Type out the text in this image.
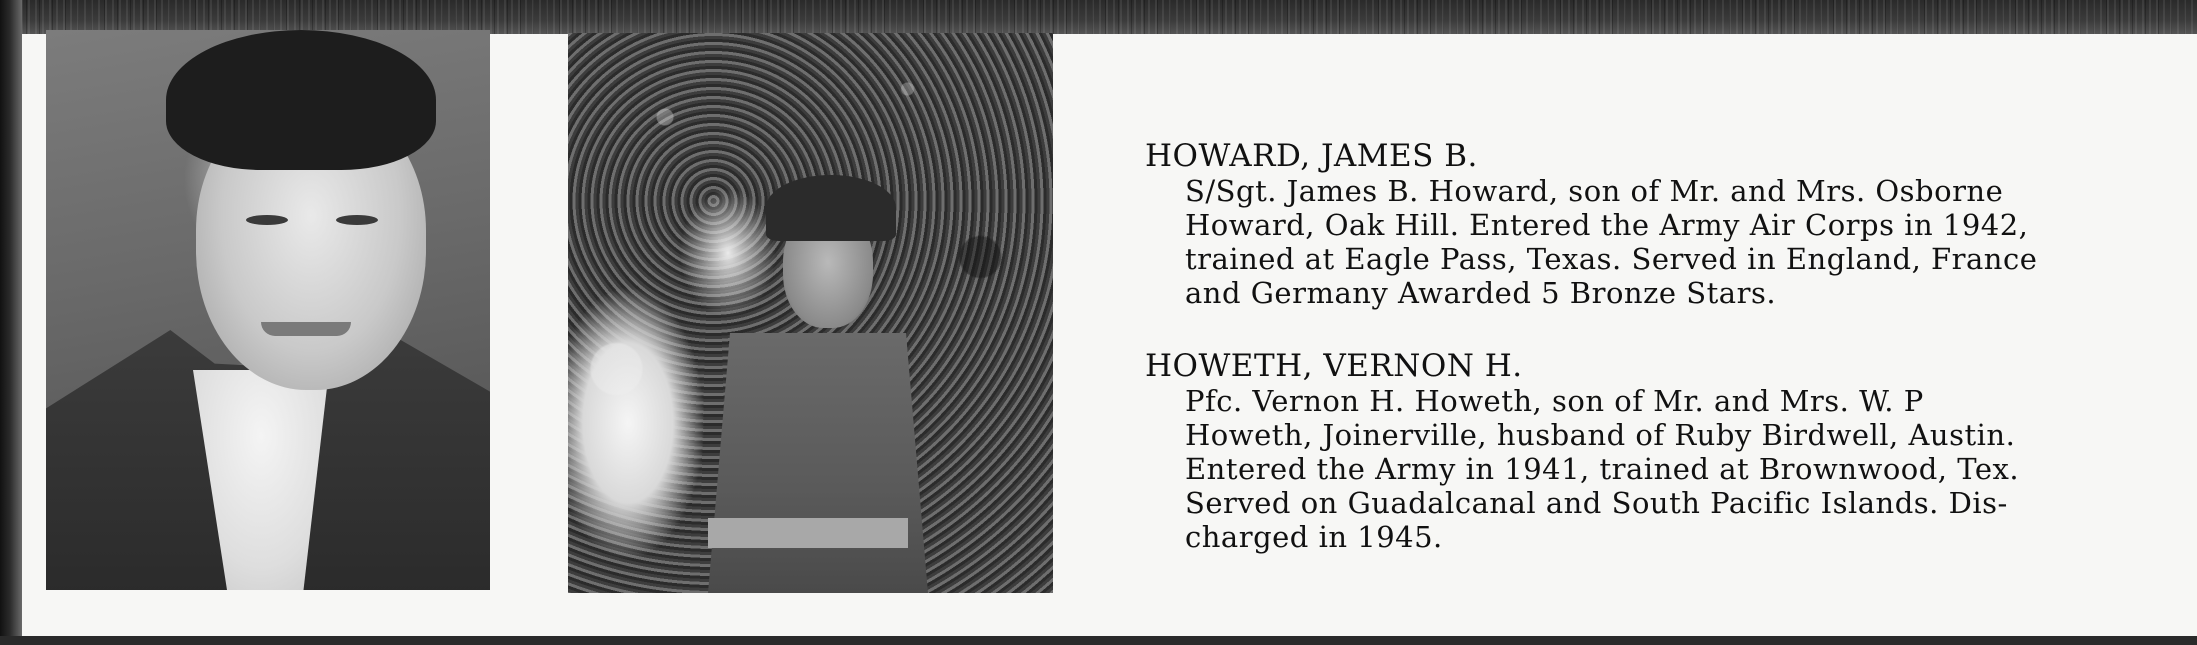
HOWARD, JAMES B.

S/Sgt. James B. Howard, son of Mr. and Mrs. Osborne
Howard, Oak Hill. Entered the Army Air Corps in 1942,
trained at Eagle Pass, Texas. Served in England, France
and Germany Awarded 5 Bronze Stars.

HOWETH, VERNON H.

Pfc. Vernon H. Howeth, son of Mr. and Mrs. W. P
Howeth, Joinerville, husband of Ruby Birdwell, Austin.
Entered the Army in 1941, trained at Brownwood, Tex.
Served on Guadalcanal and South Pacific Islands. Dis-
charged in 1945.
